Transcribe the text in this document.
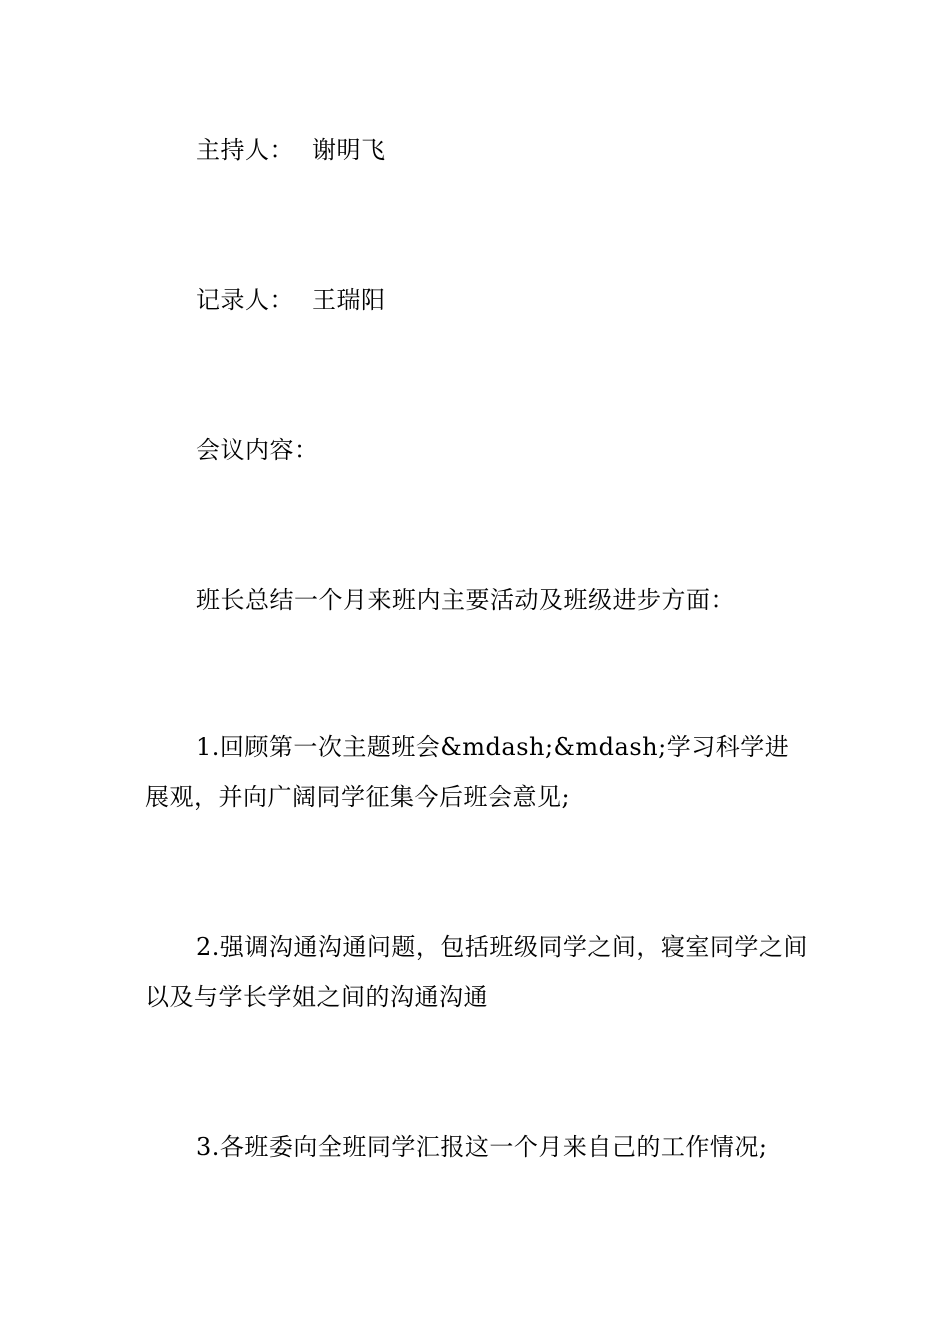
主持人： 谢明飞

记录人： 王瑞阳

会议内容：

班长总结一个月来班内主要活动及班级进步方面：

1.回顾第一次主题班会&mdash;&mdash;学习科学进展观，并向广阔同学征集今后班会意见;

2.强调沟通沟通问题，包括班级同学之间，寝室同学之间以及与学长学姐之间的沟通沟通

3.各班委向全班同学汇报这一个月来自己的工作情况;
